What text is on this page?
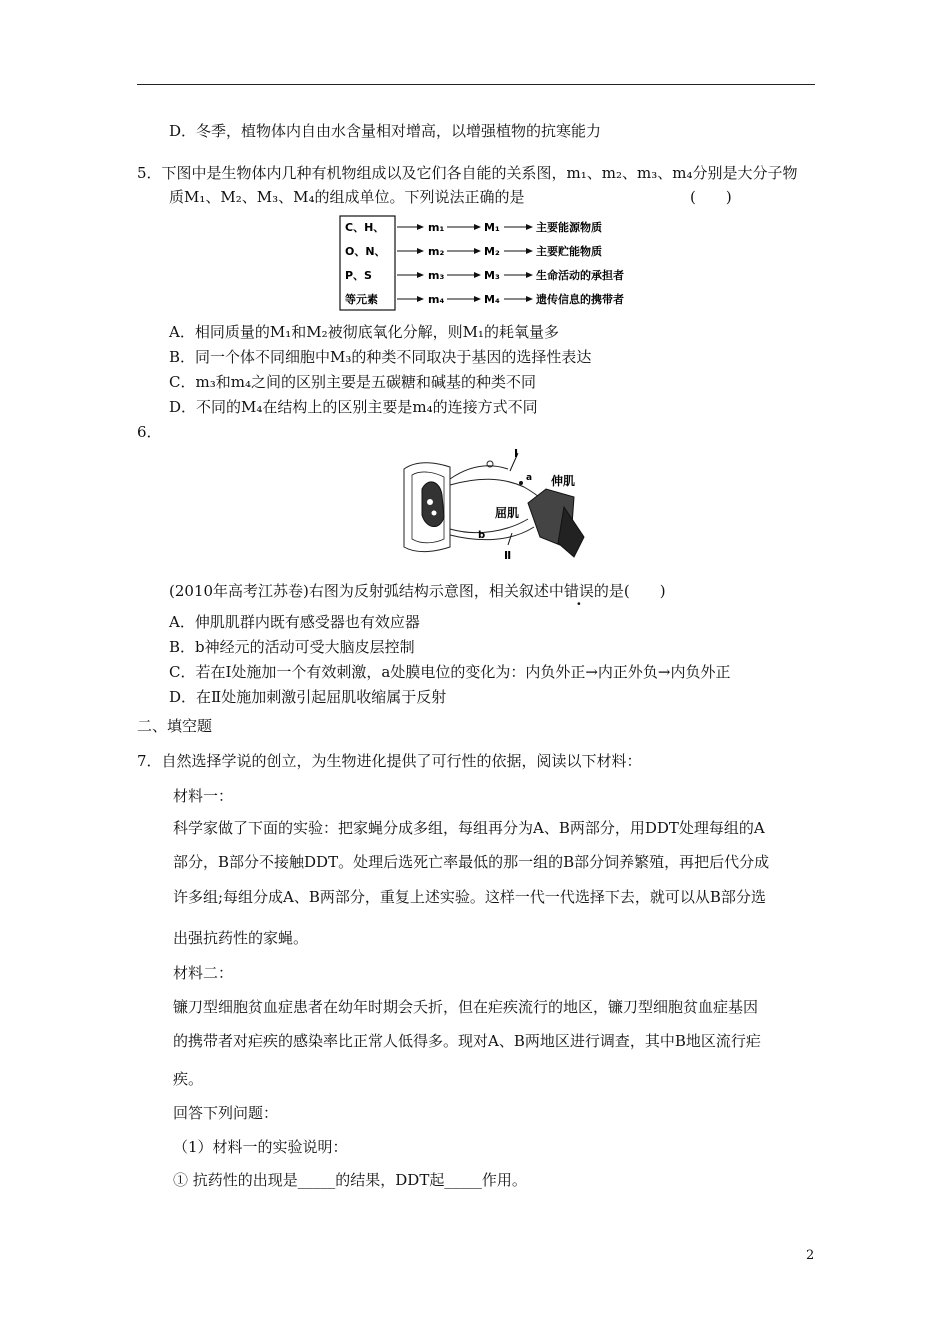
D．冬季，植物体内自由水含量相对增高，以增强植物的抗寒能力
5．下图中是生物体内几种有机物组成以及它们各自能的关系图，m₁、m₂、m₃、m₄分别是大分子物
质M₁、M₂、M₃、M₄的组成单位。下列说法正确的是	(　　)
C、H、
O、N、
P、S
等元素
m₁	M₁	主要能源物质
m₂	M₂	主要贮能物质
m₃	M₃	生命活动的承担者
m₄	M₄	遗传信息的携带者
A．相同质量的M₁和M₂被彻底氧化分解，则M₁的耗氧量多
B．同一个体不同细胞中M₃的种类不同取决于基因的选择性表达
C．m₃和m₄之间的区别主要是五碳糖和碱基的种类不同
D．不同的M₄在结构上的区别主要是m₄的连接方式不同
6．
Ⅰ
a 伸肌
屈肌
b
Ⅱ
(2010年高考江苏卷)右图为反射弧结构示意图，相关叙述中错误的是(　　)
A．伸肌肌群内既有感受器也有效应器
B．b神经元的活动可受大脑皮层控制
C．若在Ⅰ处施加一个有效刺激，a处膜电位的变化为：内负外正→内正外负→内负外正
D．在Ⅱ处施加刺激引起屈肌收缩属于反射
二、填空题
7．自然选择学说的创立，为生物进化提供了可行性的依据，阅读以下材料：
材料一：
科学家做了下面的实验：把家蝇分成多组，每组再分为A、B两部分，用DDT处理每组的A
部分，B部分不接触DDT。处理后选死亡率最低的那一组的B部分饲养繁殖，再把后代分成
许多组;每组分成A、B两部分，重复上述实验。这样一代一代选择下去，就可以从B部分选
出强抗药性的家蝇。
材料二：
镰刀型细胞贫血症患者在幼年时期会夭折，但在疟疾流行的地区，镰刀型细胞贫血症基因
的携带者对疟疾的感染率比正常人低得多。现对A、B两地区进行调查，其中B地区流行疟
疾。
回答下列问题：
（1）材料一的实验说明：
① 抗药性的出现是_____的结果，DDT起_____作用。
2
